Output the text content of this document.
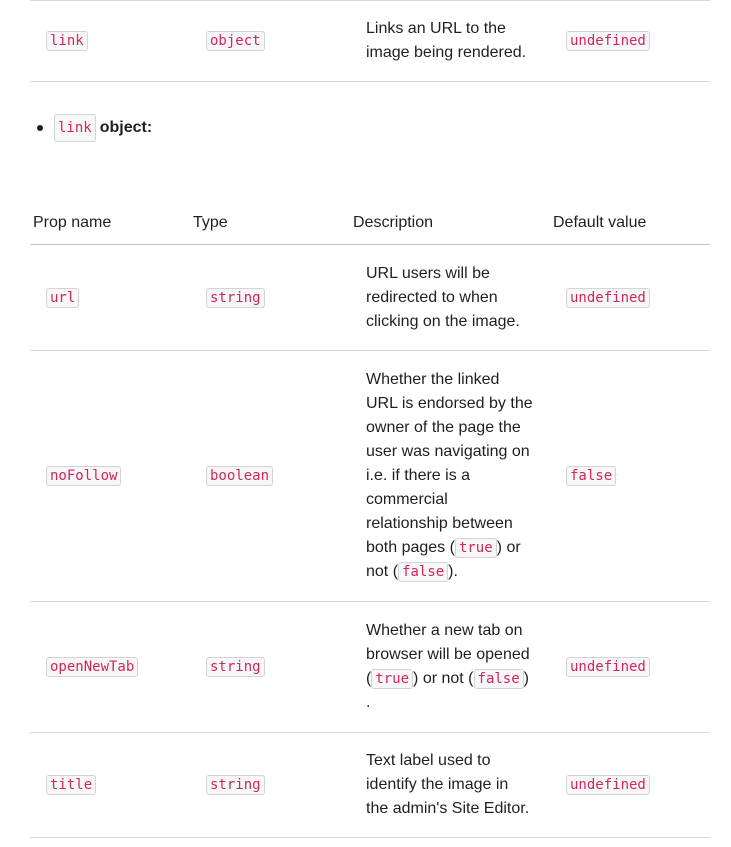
link	object	Links an URL to the image being rendered.	undefined
link object:
Prop name	Type	Description	Default value
url	string	URL users will be redirected to when clicking on the image.	undefined
noFollow	boolean	Whether the linked URL is endorsed by the owner of the page the user was navigating on i.e. if there is a commercial relationship between both pages ( true ) or not ( false ).	false
openNewTab	string	Whether a new tab on browser will be opened ( true ) or not ( false ) .	undefined
title	string	Text label used to identify the image in the admin's Site Editor.	undefined
